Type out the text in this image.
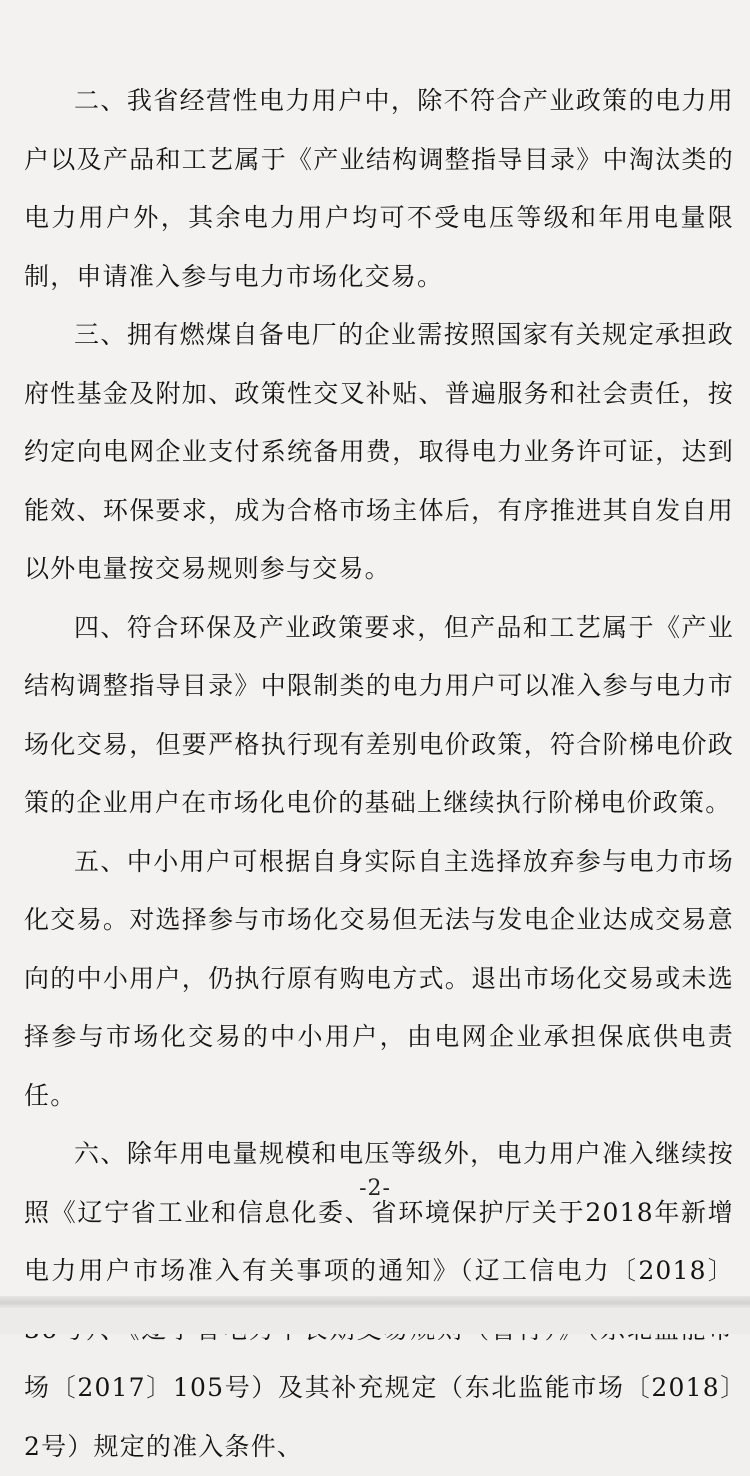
二、我省经营性电力用户中，除不符合产业政策的电力用户以及产品和工艺属于《产业结构调整指导目录》中淘汰类的电力用户外，其余电力用户均可不受电压等级和年用电量限制，申请准入参与电力市场化交易。

三、拥有燃煤自备电厂的企业需按照国家有关规定承担政府性基金及附加、政策性交叉补贴、普遍服务和社会责任，按约定向电网企业支付系统备用费，取得电力业务许可证，达到能效、环保要求，成为合格市场主体后，有序推进其自发自用以外电量按交易规则参与交易。

四、符合环保及产业政策要求，但产品和工艺属于《产业结构调整指导目录》中限制类的电力用户可以准入参与电力市场化交易，但要严格执行现有差别电价政策，符合阶梯电价政策的企业用户在市场化电价的基础上继续执行阶梯电价政策。

五、中小用户可根据自身实际自主选择放弃参与电力市场化交易。对选择参与市场化交易但无法与发电企业达成交易意向的中小用户，仍执行原有购电方式。退出市场化交易或未选择参与市场化交易的中小用户，由电网企业承担保底供电责任。

六、除年用电量规模和电压等级外，电力用户准入继续按照《辽宁省工业和信息化委、省环境保护厅关于2018年新增电力用户市场准入有关事项的通知》（辽工信电力〔2018〕 场〔2017〕105号）及其补充规定（东北监能市场〔2018〕2号）规定的准入条件、

-2-
